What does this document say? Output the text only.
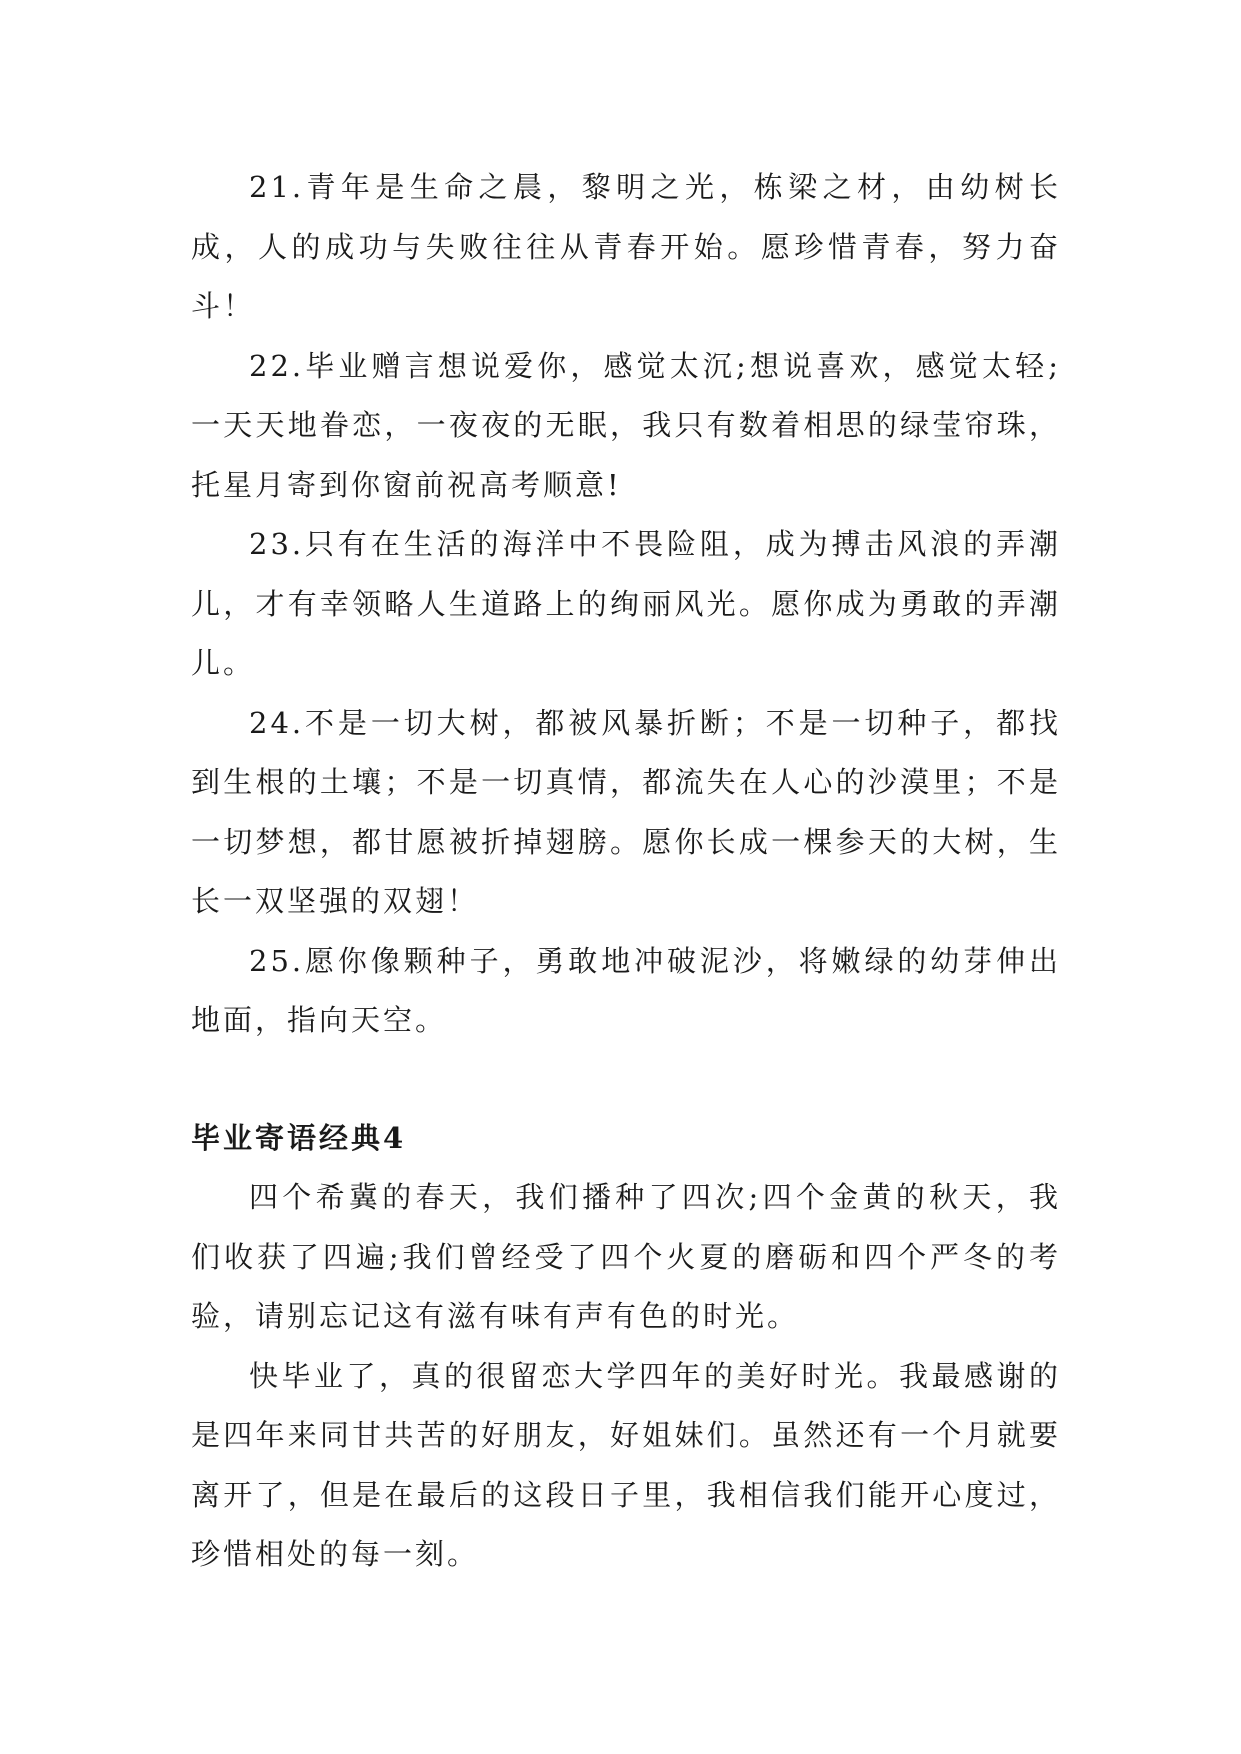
21.青年是生命之晨，黎明之光，栋梁之材，由幼树长成，人的成功与失败往往从青春开始。愿珍惜青春，努力奋斗！

22.毕业赠言想说爱你，感觉太沉;想说喜欢，感觉太轻;一天天地眷恋，一夜夜的无眠，我只有数着相思的绿莹帘珠，托星月寄到你窗前祝高考顺意!

23.只有在生活的海洋中不畏险阻，成为搏击风浪的弄潮儿，才有幸领略人生道路上的绚丽风光。愿你成为勇敢的弄潮儿。

24.不是一切大树，都被风暴折断；不是一切种子，都找到生根的土壤；不是一切真情，都流失在人心的沙漠里；不是一切梦想，都甘愿被折掉翅膀。愿你长成一棵参天的大树，生长一双坚强的双翅！

25.愿你像颗种子，勇敢地冲破泥沙，将嫩绿的幼芽伸出地面，指向天空。

毕业寄语经典4

四个希冀的春天，我们播种了四次;四个金黄的秋天，我们收获了四遍;我们曾经受了四个火夏的磨砺和四个严冬的考验，请别忘记这有滋有味有声有色的时光。

快毕业了，真的很留恋大学四年的美好时光。我最感谢的是四年来同甘共苦的好朋友，好姐妹们。虽然还有一个月就要离开了，但是在最后的这段日子里，我相信我们能开心度过，珍惜相处的每一刻。
